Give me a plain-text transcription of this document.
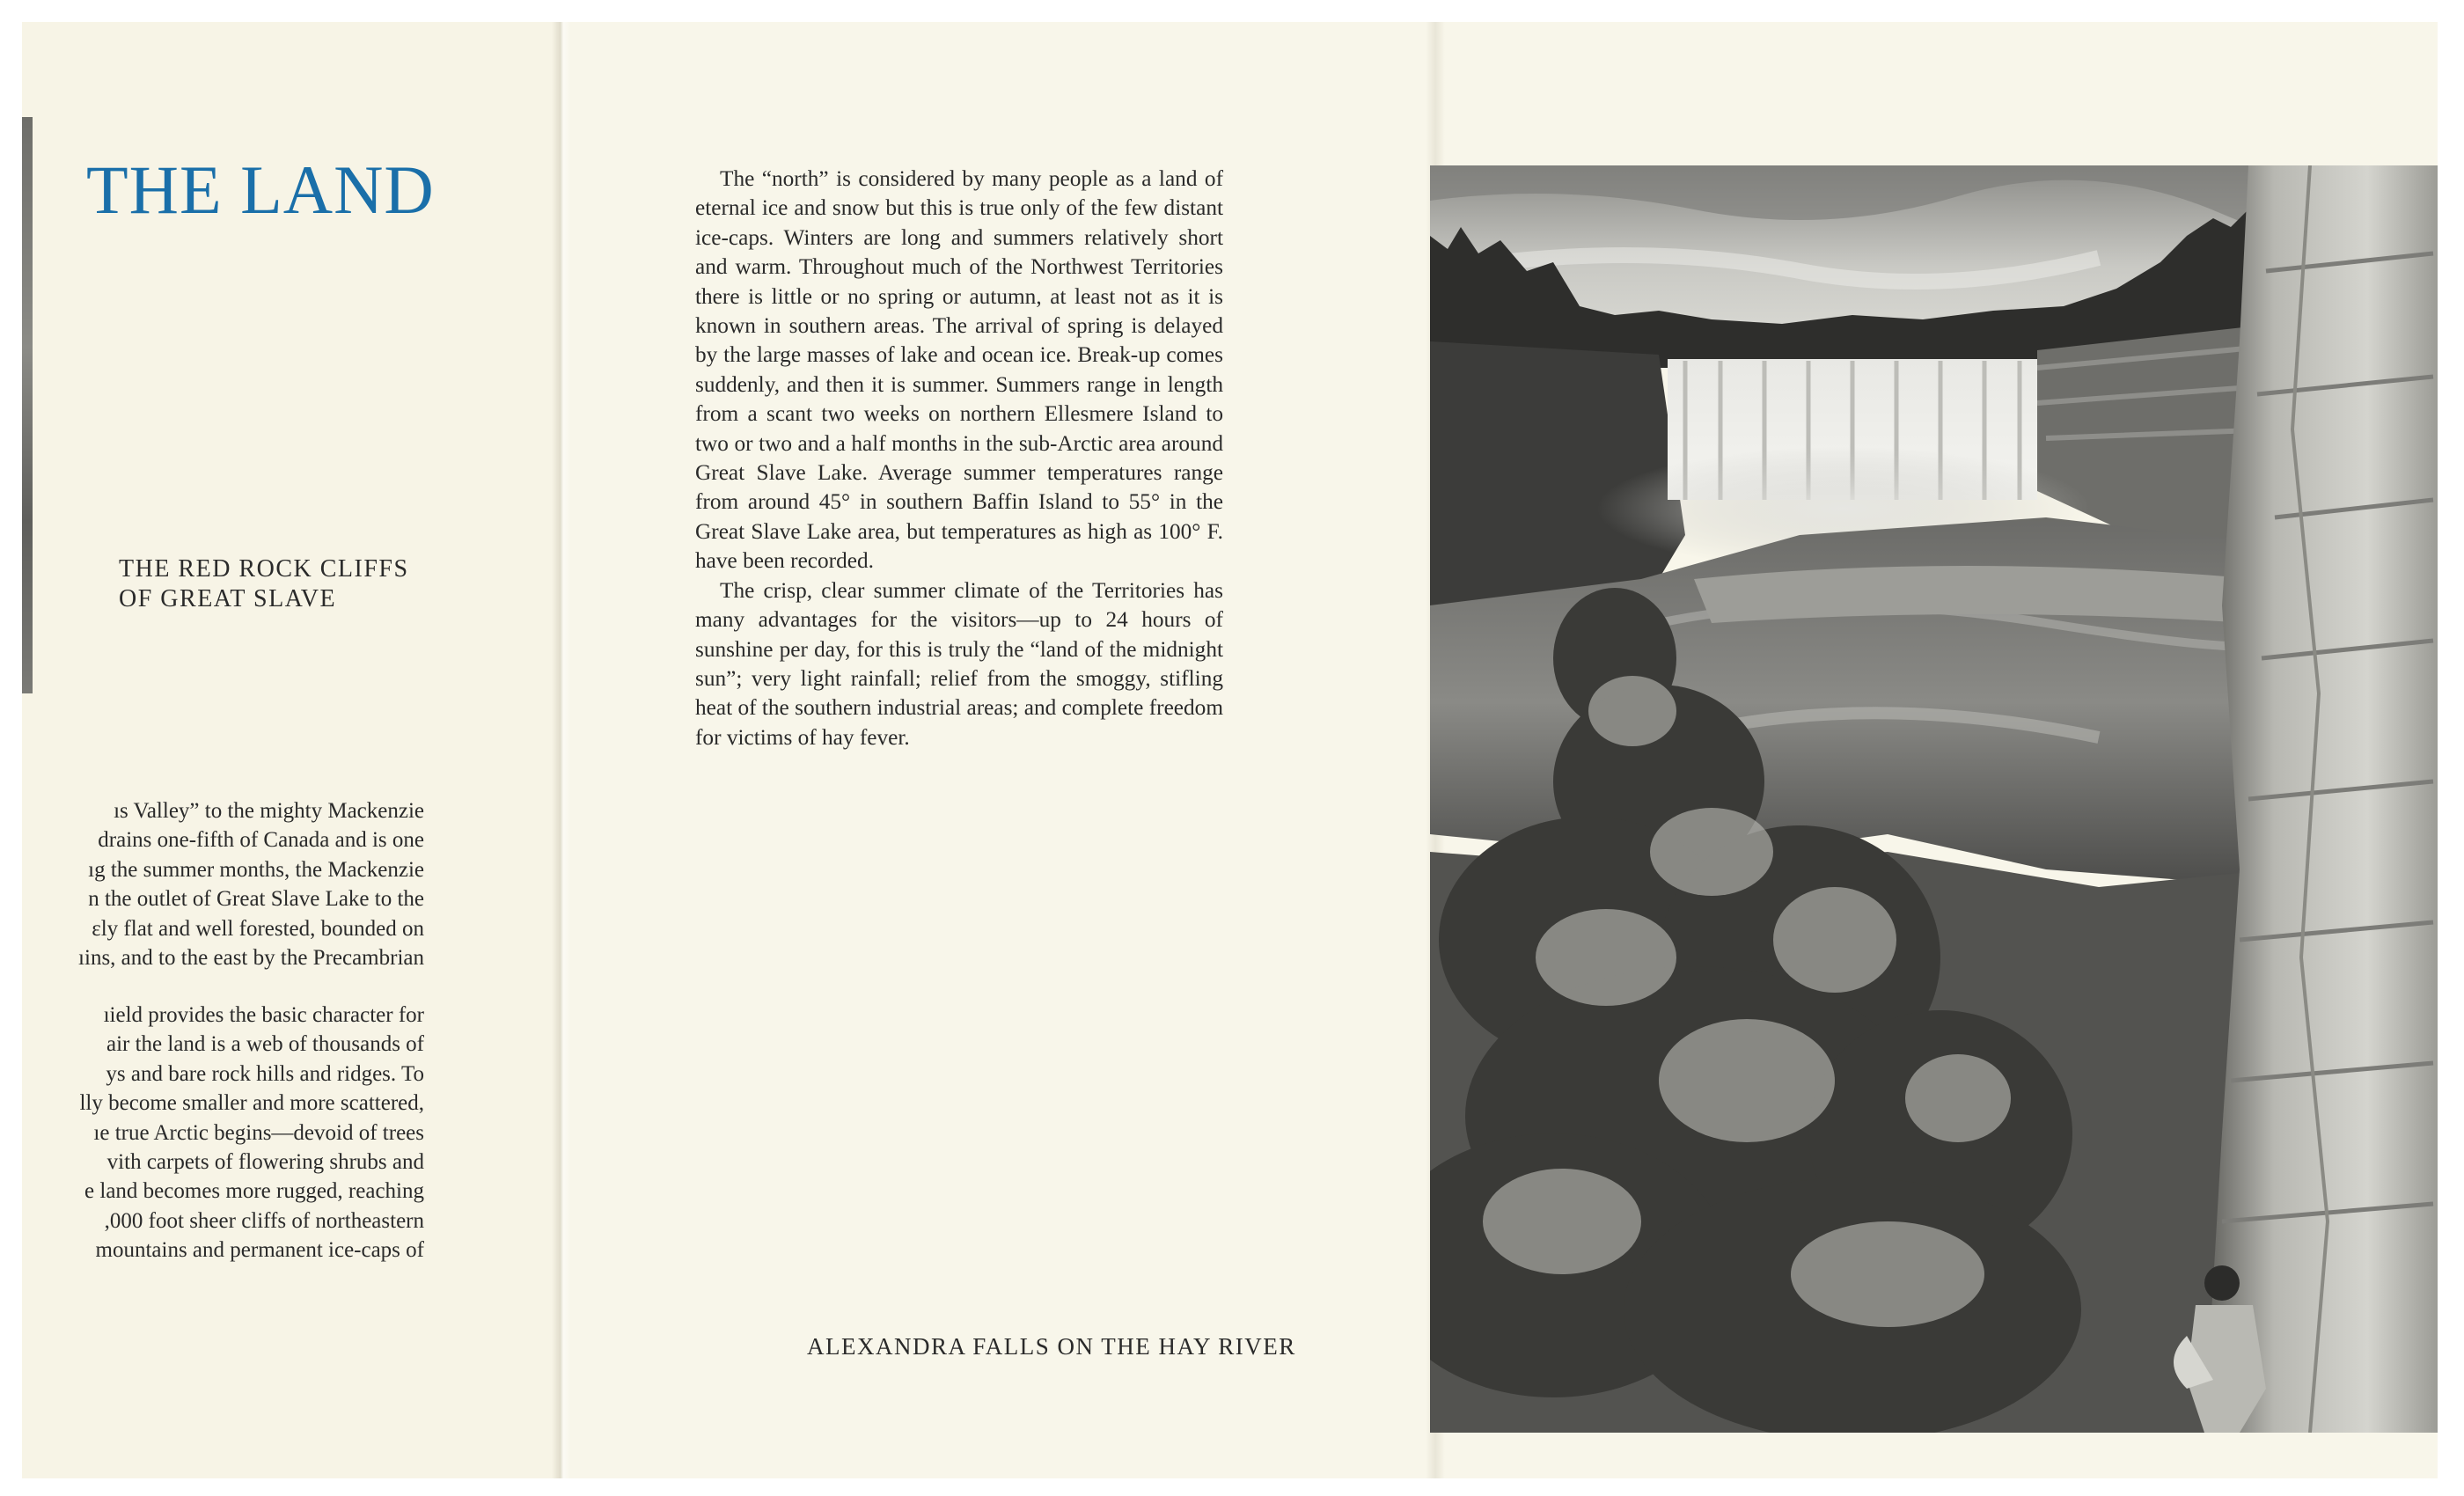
THE LAND
THE RED ROCK CLIFFS
OF GREAT SLAVE
ıs Valley” to the mighty Mackenzie
drains one-fifth of Canada and is one
ıg the summer months, the Mackenzie
n the outlet of Great Slave Lake to the
ɛly flat and well forested, bounded on
ıins, and to the east by the Precambrian
ıield provides the basic character for
air the land is a web of thousands of
ys and bare rock hills and ridges. To
lly become smaller and more scattered,
ıe true Arctic begins—devoid of trees
vith carpets of flowering shrubs and
e land becomes more rugged, reaching
,000 foot sheer cliffs of northeastern
mountains and permanent ice-caps of

The “north” is considered by many people as a land of eternal ice and snow but this is true only of the few distant ice-caps. Winters are long and summers relatively short and warm. Throughout much of the Northwest Territories there is little or no spring or autumn, at least not as it is known in southern areas. The arrival of spring is delayed by the large masses of lake and ocean ice. Break-up comes suddenly, and then it is summer. Summers range in length from a scant two weeks on northern Ellesmere Island to two or two and a half months in the sub-Arctic area around Great Slave Lake. Average summer temperatures range from around 45° in southern Baffin Island to 55° in the Great Slave Lake area, but temperatures as high as 100° F. have been recorded.

The crisp, clear summer climate of the Territories has many advantages for the visitors—up to 24 hours of sunshine per day, for this is truly the “land of the midnight sun”; very light rainfall; relief from the smoggy, stifling heat of the southern industrial areas; and complete freedom for victims of hay fever.

ALEXANDRA FALLS ON THE HAY RIVER
